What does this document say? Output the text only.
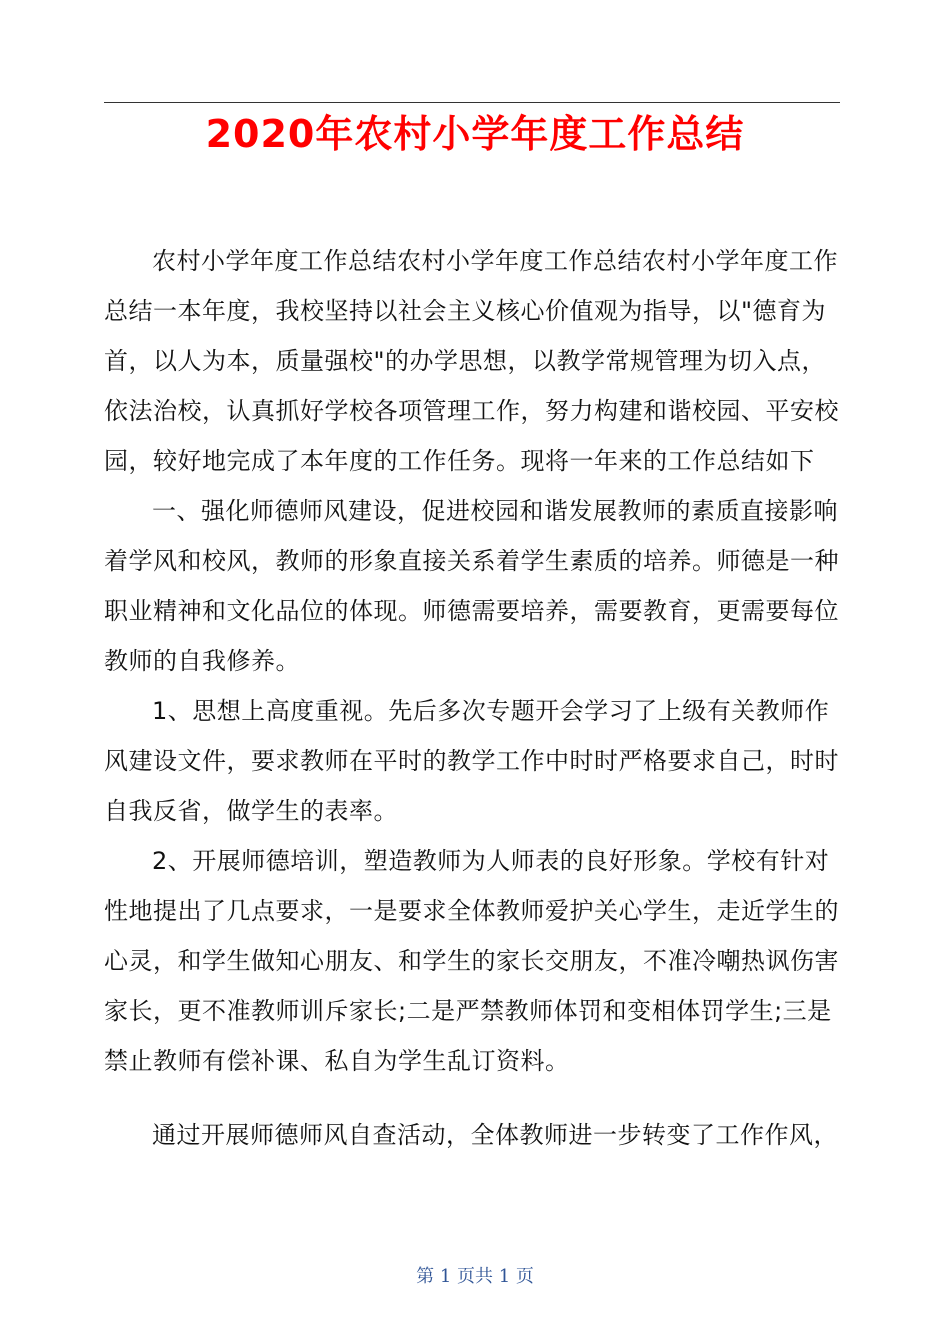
2020年农村小学年度工作总结

农村小学年度工作总结农村小学年度工作总结农村小学年度工作总结一本年度，我校坚持以社会主义核心价值观为指导，以"德育为首，以人为本，质量强校"的办学思想，以教学常规管理为切入点，依法治校，认真抓好学校各项管理工作，努力构建和谐校园、平安校园，较好地完成了本年度的工作任务。现将一年来的工作总结如下

一、强化师德师风建设，促进校园和谐发展教师的素质直接影响着学风和校风，教师的形象直接关系着学生素质的培养。师德是一种职业精神和文化品位的体现。师德需要培养，需要教育，更需要每位教师的自我修养。

1、思想上高度重视。先后多次专题开会学习了上级有关教师作风建设文件，要求教师在平时的教学工作中时时严格要求自己，时时自我反省，做学生的表率。

2、开展师德培训，塑造教师为人师表的良好形象。学校有针对性地提出了几点要求，一是要求全体教师爱护关心学生，走近学生的心灵，和学生做知心朋友、和学生的家长交朋友，不准冷嘲热讽伤害家长，更不准教师训斥家长;二是严禁教师体罚和变相体罚学生;三是禁止教师有偿补课、私自为学生乱订资料。

通过开展师德师风自查活动，全体教师进一步转变了工作作风，

第 1 页共 1 页
